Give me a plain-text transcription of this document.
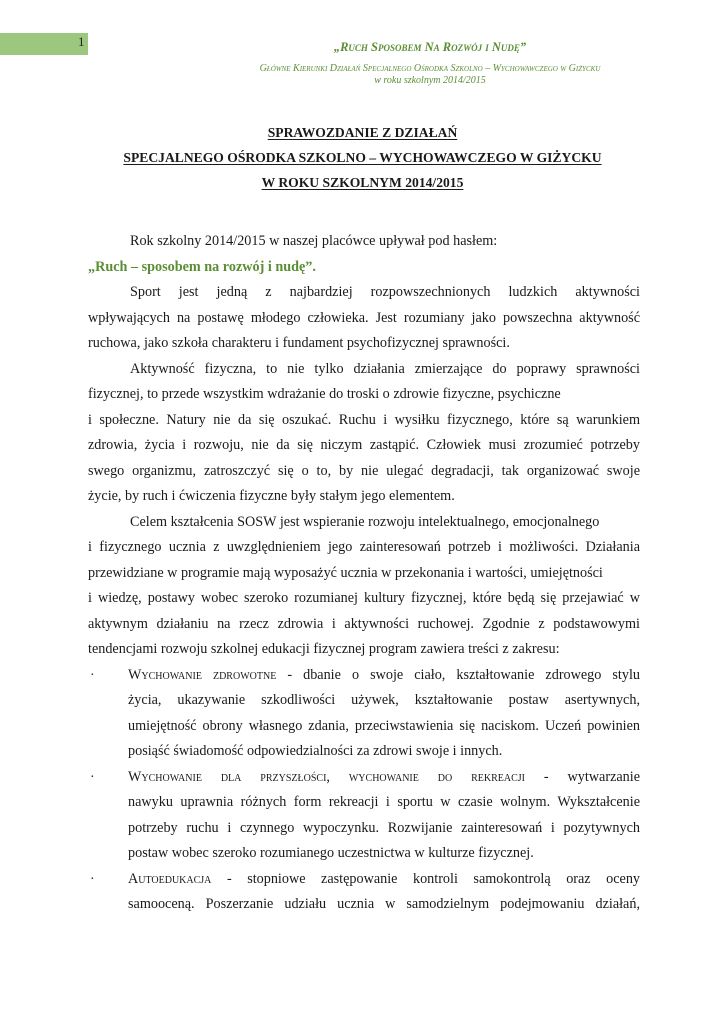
1	„Ruch Sposobem Na Rozwój i Nudę”
Główne Kierunki Działań Specjalnego Ośrodka Szkolno – Wychowawczego w Giżycku
w roku szkolnym 2014/2015
SPRAWOZDANIE Z DZIAŁAŃ
SPECJALNEGO OŚRODKA SZKOLNO – WYCHOWAWCZEGO W GIŻYCKU
W ROKU SZKOLNYM 2014/2015

Rok szkolny 2014/2015 w naszej placówce upływał pod hasłem:

„Ruch – sposobem na rozwój i nudę”.

Sport jest jedną z najbardziej rozpowszechnionych ludzkich aktywności
wpływających na postawę młodego człowieka. Jest rozumiany jako powszechna aktywność
ruchowa, jako szkoła charakteru i fundament psychofizycznej sprawności.

Aktywność fizyczna, to nie tylko działania zmierzające do poprawy sprawności
fizycznej, to przede wszystkim wdrażanie do troski o zdrowie fizyczne, psychiczne
i społeczne. Natury nie da się oszukać. Ruchu i wysiłku fizycznego, które są warunkiem
zdrowia, życia i rozwoju, nie da się niczym zastąpić. Człowiek musi zrozumieć potrzeby
swego organizmu, zatroszczyć się o to, by nie ulegać degradacji, tak organizować swoje
życie, by ruch i ćwiczenia fizyczne były stałym jego elementem.

Celem kształcenia SOSW jest wspieranie rozwoju intelektualnego, emocjonalnego
i fizycznego ucznia z uwzględnieniem jego zainteresowań potrzeb i możliwości. Działania
przewidziane w programie mają wyposażyć ucznia w przekonania i wartości, umiejętności
i wiedzę, postawy wobec szeroko rozumianej kultury fizycznej, które będą się przejawiać w
aktywnym działaniu na rzecz zdrowia i aktywności ruchowej. Zgodnie z podstawowymi
tendencjami rozwoju szkolnej edukacji fizycznej program zawiera treści z zakresu:

· Wychowanie zdrowotne - dbanie o swoje ciało, kształtowanie zdrowego stylu
życia, ukazywanie szkodliwości używek, kształtowanie postaw asertywnych,
umiejętność obrony własnego zdania, przeciwstawienia się naciskom. Uczeń powinien
posiąść świadomość odpowiedzialności za zdrowi swoje i innych.
· Wychowanie dla przyszłości, wychowanie do rekreacji - wytwarzanie
nawyku uprawnia różnych form rekreacji i sportu w czasie wolnym. Wykształcenie
potrzeby ruchu i czynnego wypoczynku. Rozwijanie zainteresowań i pozytywnych
postaw wobec szeroko rozumianego uczestnictwa w kulturze fizycznej.
· Autoedukacja - stopniowe zastępowanie kontroli samokontrolą oraz oceny
samooceną. Poszerzanie udziału ucznia w samodzielnym podejmowaniu działań,
